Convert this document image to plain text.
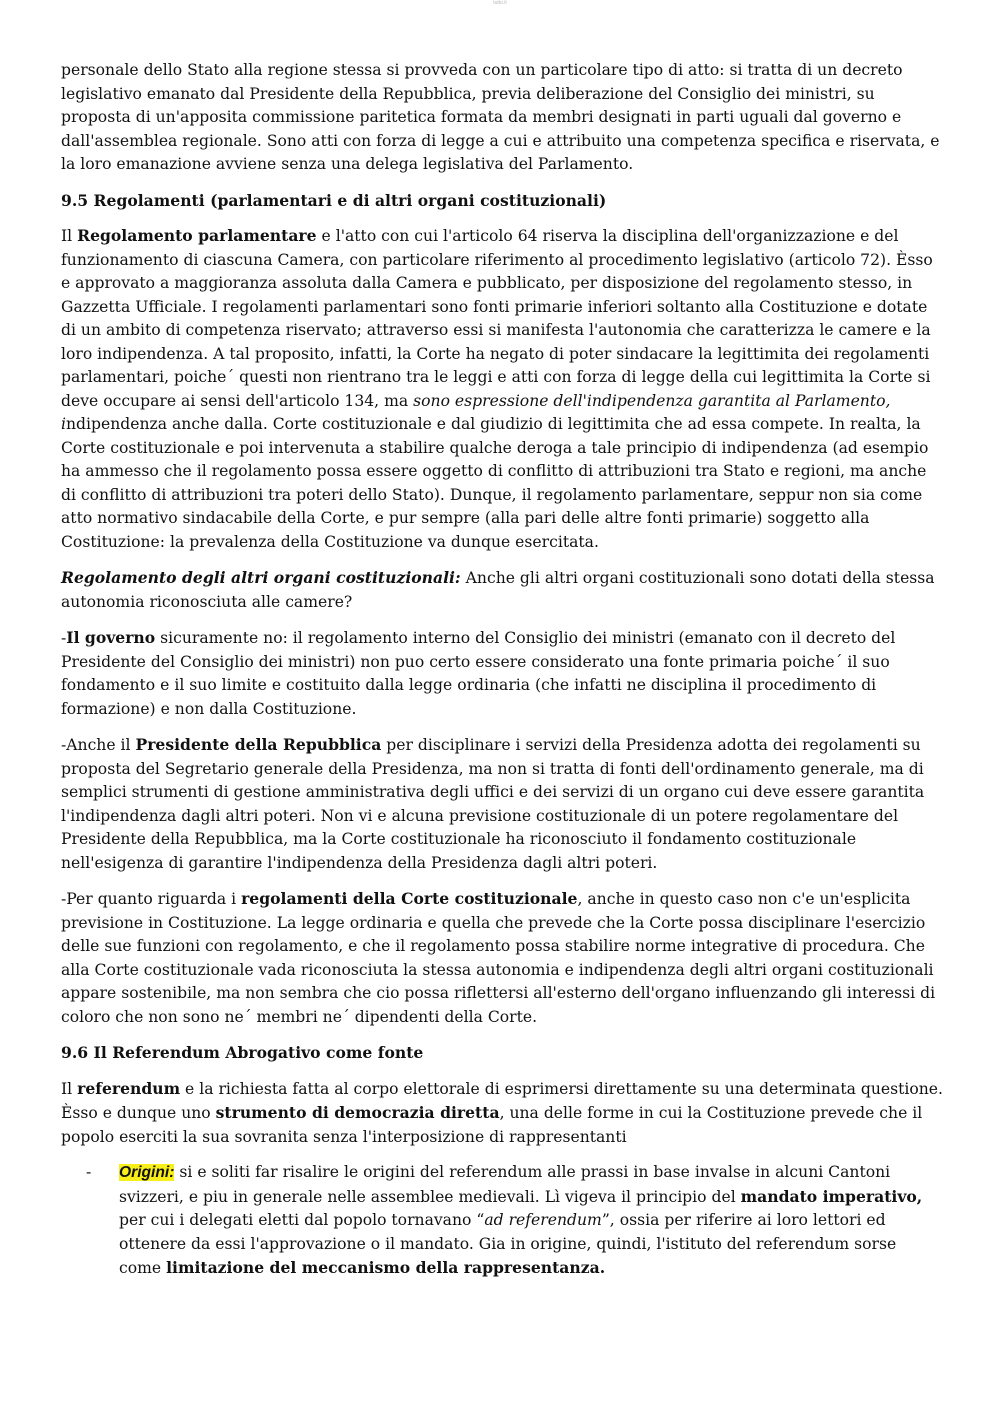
tutto.it

personale dello Stato alla regione stessa si provveda con un particolare tipo di atto: si tratta di un decreto legislativo emanato dal Presidente della Repubblica, previa deliberazione del Consiglio dei ministri, su proposta di un'apposita commissione paritetica formata da membri designati in parti uguali dal governo e dall'assemblea regionale. Sono atti con forza di legge a cui e attribuito una competenza specifica e riservata, e la loro emanazione avviene senza una delega legislativa del Parlamento.

9.5 Regolamenti (parlamentari e di altri organi costituzionali)

Il Regolamento parlamentare e l'atto con cui l'articolo 64 riserva la disciplina dell'organizzazione e del funzionamento di ciascuna Camera, con particolare riferimento al procedimento legislativo (articolo 72). Èsso e approvato a maggioranza assoluta dalla Camera e pubblicato, per disposizione del regolamento stesso, in Gazzetta Ufficiale. I regolamenti parlamentari sono fonti primarie inferiori soltanto alla Costituzione e dotate di un ambito di competenza riservato; attraverso essi si manifesta l'autonomia che caratterizza le camere e la loro indipendenza. A tal proposito, infatti, la Corte ha negato di poter sindacare la legittimita dei regolamenti parlamentari, poiche´ questi non rientrano tra le leggi e atti con forza di legge della cui legittimita la Corte si deve occupare ai sensi dell'articolo 134, ma sono espressione dell'indipendenza garantita al Parlamento, indipendenza anche dalla. Corte costituzionale e dal giudizio di legittimita che ad essa compete. In realta, la Corte costituzionale e poi intervenuta a stabilire qualche deroga a tale principio di indipendenza (ad esempio ha ammesso che il regolamento possa essere oggetto di conflitto di attribuzioni tra Stato e regioni, ma anche di conflitto di attribuzioni tra poteri dello Stato). Dunque, il regolamento parlamentare, seppur non sia come atto normativo sindacabile della Corte, e pur sempre (alla pari delle altre fonti primarie) soggetto alla Costituzione: la prevalenza della Costituzione va dunque esercitata.

Regolamento degli altri organi costituzionali: Anche gli altri organi costituzionali sono dotati della stessa autonomia riconosciuta alle camere?

-Il governo sicuramente no: il regolamento interno del Consiglio dei ministri (emanato con il decreto del Presidente del Consiglio dei ministri) non puo certo essere considerato una fonte primaria poiche´ il suo fondamento e il suo limite e costituito dalla legge ordinaria (che infatti ne disciplina il procedimento di formazione) e non dalla Costituzione.

-Anche il Presidente della Repubblica per disciplinare i servizi della Presidenza adotta dei regolamenti su proposta del Segretario generale della Presidenza, ma non si tratta di fonti dell'ordinamento generale, ma di semplici strumenti di gestione amministrativa degli uffici e dei servizi di un organo cui deve essere garantita l'indipendenza dagli altri poteri. Non vi e alcuna previsione costituzionale di un potere regolamentare del Presidente della Repubblica, ma la Corte costituzionale ha riconosciuto il fondamento costituzionale nell'esigenza di garantire l'indipendenza della Presidenza dagli altri poteri.

-Per quanto riguarda i regolamenti della Corte costituzionale, anche in questo caso non c'e un'esplicita previsione in Costituzione. La legge ordinaria e quella che prevede che la Corte possa disciplinare l'esercizio delle sue funzioni con regolamento, e che il regolamento possa stabilire norme integrative di procedura. Che alla Corte costituzionale vada riconosciuta la stessa autonomia e indipendenza degli altri organi costituzionali appare sostenibile, ma non sembra che cio possa riflettersi all'esterno dell'organo influenzando gli interessi di coloro che non sono ne´ membri ne´ dipendenti della Corte.

9.6 Il Referendum Abrogativo come fonte

Il referendum e la richiesta fatta al corpo elettorale di esprimersi direttamente su una determinata questione. Èsso e dunque uno strumento di democrazia diretta, una delle forme in cui la Costituzione prevede che il popolo eserciti la sua sovranita senza l'interposizione di rappresentanti

-	Origini: si e soliti far risalire le origini del referendum alle prassi in base invalse in alcuni Cantoni svizzeri, e piu in generale nelle assemblee medievali. Lì vigeva il principio del mandato imperativo, per cui i delegati eletti dal popolo tornavano “ad referendum”, ossia per riferire ai loro lettori ed ottenere da essi l'approvazione o il mandato. Gia in origine, quindi, l'istituto del referendum sorse come limitazione del meccanismo della rappresentanza.
